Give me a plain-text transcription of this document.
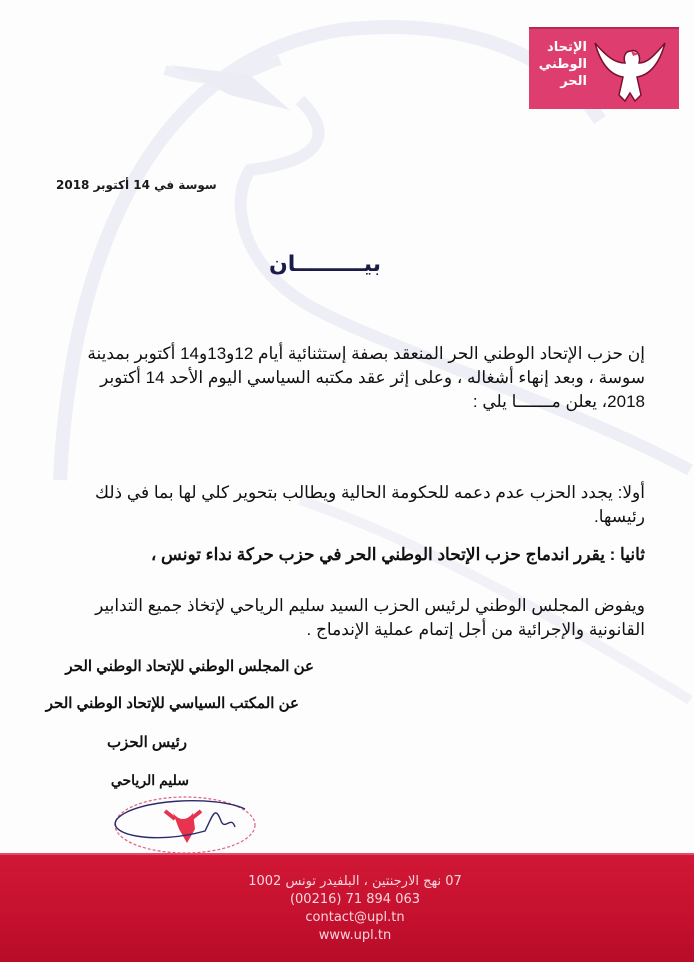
الإتحاد
الوطني
الحر
سوسة في 14 أكتوبر 2018
بيـــــــــان
إن حزب الإتحاد الوطني الحر المنعقد بصفة إستثنائية أيام 12و13و14 أكتوبر بمدينة سوسة ، وبعد إنهاء أشغاله ، وعلى إثر عقد مكتبه السياسي اليوم الأحد 14 أكتوبر 2018، يعلن مـــــــا يلي :
أولا: يجدد الحزب عدم دعمه للحكومة الحالية ويطالب بتحوير كلي لها بما في ذلك رئيسها.
ثانيا : يقرر اندماج حزب الإتحاد الوطني الحر في حزب حركة نداء تونس ،
ويفوض المجلس الوطني لرئيس الحزب السيد سليم الرياحي لإتخاذ جميع التدابير القانونية والإجرائية من أجل إتمام عملية الإندماج .
عن المجلس الوطني للإتحاد الوطني الحر
عن المكتب السياسي للإتحاد الوطني الحر
رئيس الحزب
سليم الرياحي
07 نهج الارجنتين ، البلفيدر تونس 1002
(00216) 71 894 063
contact@upl.tn
www.upl.tn
